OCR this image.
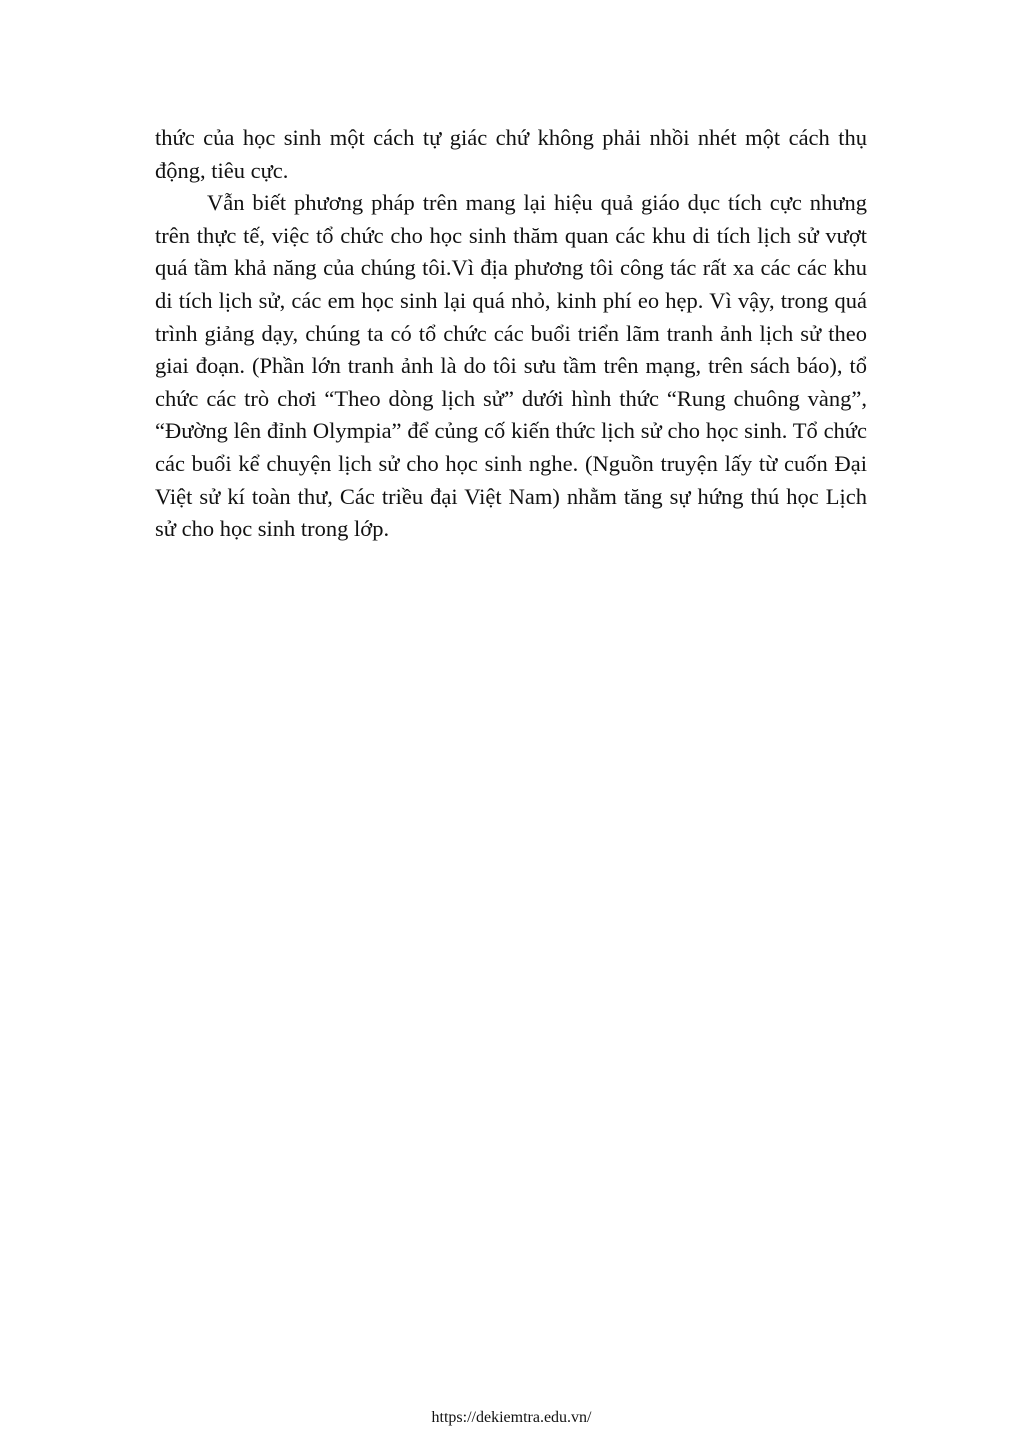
thức của học sinh một cách tự giác chứ không phải nhồi nhét một cách thụ động, tiêu cực.

Vẫn biết phương pháp trên mang lại hiệu quả giáo dục tích cực nhưng trên thực tế, việc tổ chức cho học sinh thăm quan các khu di tích lịch sử vượt quá tầm khả năng của chúng tôi.Vì địa phương tôi công tác rất xa các các khu di tích lịch sử, các em học sinh lại quá nhỏ, kinh phí eo hẹp. Vì vậy, trong quá trình giảng dạy, chúng ta có tổ chức các buổi triển lãm tranh ảnh lịch sử theo giai đoạn. (Phần lớn tranh ảnh là do tôi sưu tầm trên mạng, trên sách báo), tổ chức các trò chơi “Theo dòng lịch sử” dưới hình thức “Rung chuông vàng”, “Đường lên đỉnh Olympia” để củng cố kiến thức lịch sử cho học sinh. Tổ chức các buổi kể chuyện lịch sử cho học sinh nghe. (Nguồn truyện lấy từ cuốn Đại Việt sử kí toàn thư, Các triều đại Việt Nam) nhằm tăng sự hứng thú học Lịch sử cho học sinh trong lớp.

https://dekiemtra.edu.vn/
